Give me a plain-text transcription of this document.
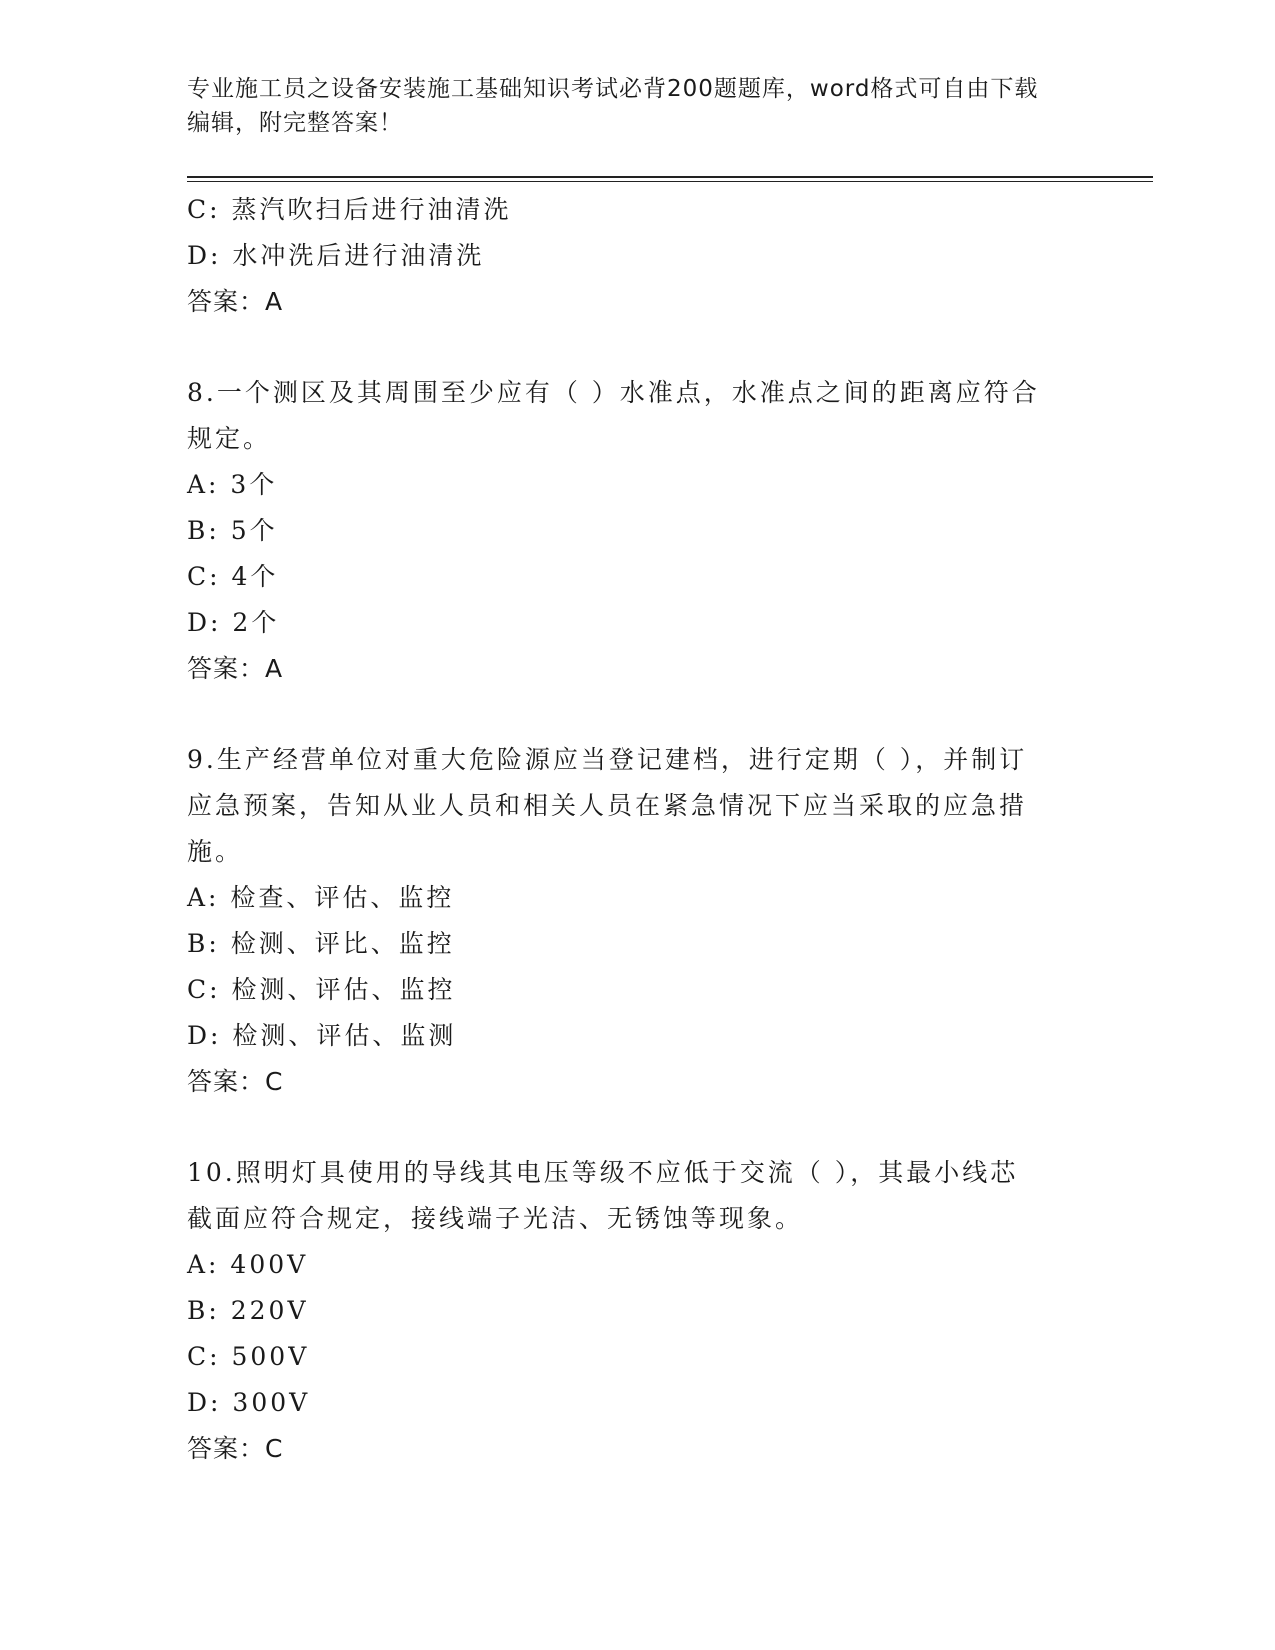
专业施工员之设备安装施工基础知识考试必背200题题库，word格式可自由下载
编辑，附完整答案！
C: 蒸汽吹扫后进行油清洗
D: 水冲洗后进行油清洗
答案：A
8.一个测区及其周围至少应有（ ）水准点，水准点之间的距离应符合
规定。
A: 3个
B: 5个
C: 4个
D: 2个
答案：A
9.生产经营单位对重大危险源应当登记建档，进行定期（ ），并制订
应急预案，告知从业人员和相关人员在紧急情况下应当采取的应急措
施。
A: 检查、评估、监控
B: 检测、评比、监控
C: 检测、评估、监控
D: 检测、评估、监测
答案：C
10.照明灯具使用的导线其电压等级不应低于交流（ ），其最小线芯
截面应符合规定，接线端子光洁、无锈蚀等现象。
A: 400V
B: 220V
C: 500V
D: 300V
答案：C
